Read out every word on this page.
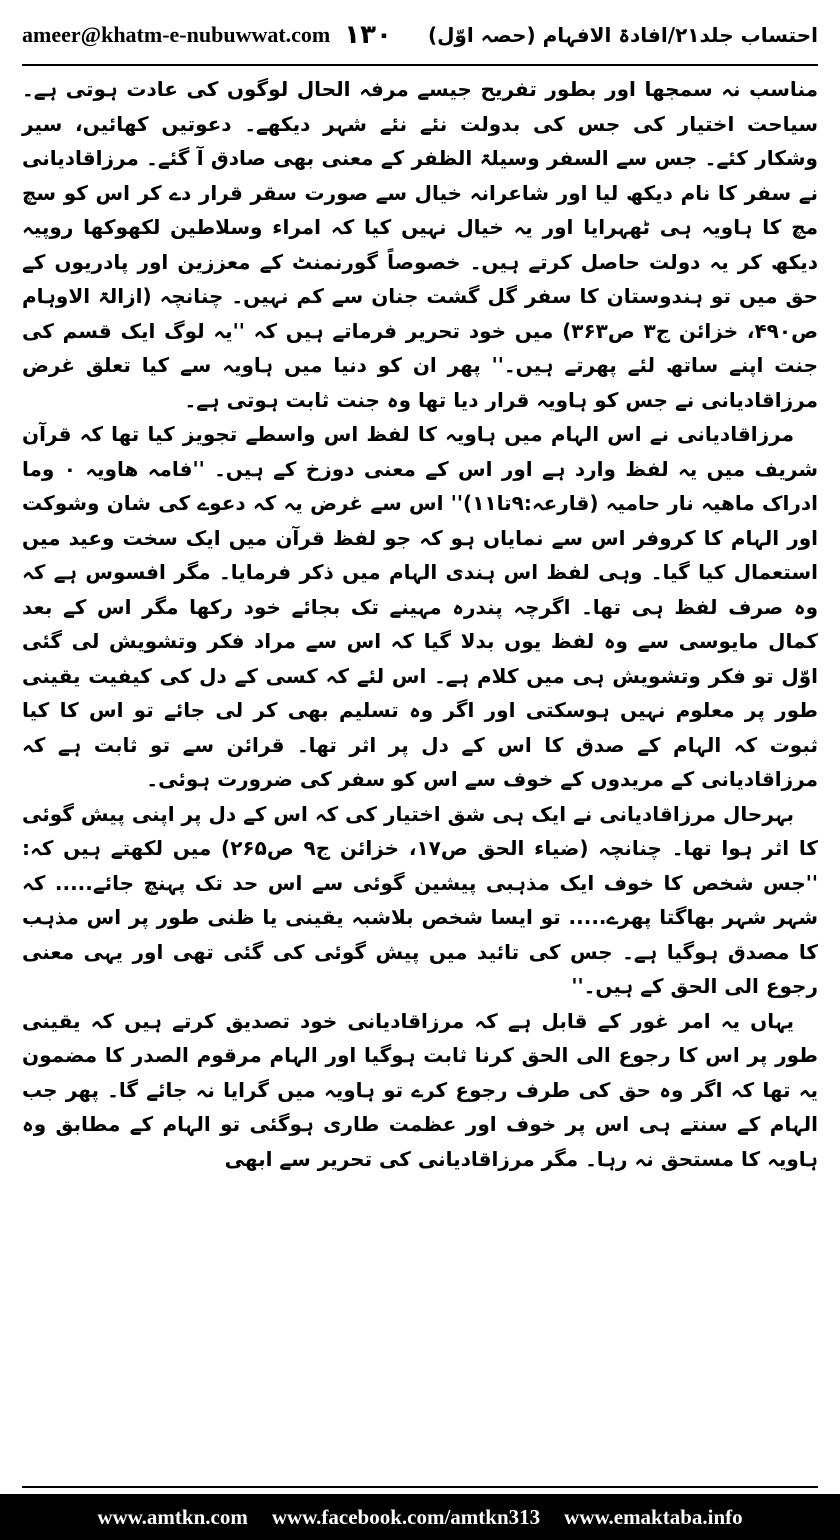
ameer@khatm-e-nubuwwat.com ۱۳۰ احتساب جلد۲۱/افادۃ الافہام (حصہ اوّل)

مناسب نہ سمجھا اور بطور تفریح جیسے مرفہ الحال لوگوں کی عادت ہوتی ہے۔ سیاحت اختیار کی جس کی بدولت نئے نئے شہر دیکھے۔ دعوتیں کھائیں، سیر وشکار کئے۔ جس سے السفر وسیلۃ الظفر کے معنی بھی صادق آ گئے۔ مرزاقادیانی نے سفر کا نام دیکھ لیا اور شاعرانہ خیال سے صورت سقر قرار دے کر اس کو سچ مچ کا ہاویہ ہی ٹھہرایا اور یہ خیال نہیں کیا کہ امراء وسلاطین لکھوکھا روپیہ دیکھ کر یہ دولت حاصل کرتے ہیں۔ خصوصاً گورنمنٹ کے معززین اور پادریوں کے حق میں تو ہندوستان کا سفر گل گشت جنان سے کم نہیں۔ چنانچہ (ازالۃ الاوہام ص۴۹۰، خزائن ج۳ ص۳۶۳) میں خود تحریر فرماتے ہیں کہ ''یہ لوگ ایک قسم کی جنت اپنے ساتھ لئے پھرتے ہیں۔'' پھر ان کو دنیا میں ہاویہ سے کیا تعلق غرض مرزاقادیانی نے جس کو ہاویہ قرار دیا تھا وہ جنت ثابت ہوتی ہے۔

مرزاقادیانی نے اس الہام میں ہاویہ کا لفظ اس واسطے تجویز کیا تھا کہ قرآن شریف میں یہ لفظ وارد ہے اور اس کے معنی دوزخ کے ہیں۔ ''فامہ ھاویہ ۰ وما ادراک ماھیہ نار حامیہ (قارعہ:۹تا۱۱)'' اس سے غرض یہ کہ دعوے کی شان وشوکت اور الہام کا کروفر اس سے نمایاں ہو کہ جو لفظ قرآن میں ایک سخت وعید میں استعمال کیا گیا۔ وہی لفظ اس ہندی الہام میں ذکر فرمایا۔ مگر افسوس ہے کہ وہ صرف لفظ ہی تھا۔ اگرچہ پندرہ مہینے تک بجائے خود رکھا مگر اس کے بعد کمال مایوسی سے وہ لفظ یوں بدلا گیا کہ اس سے مراد فکر وتشویش لی گئی اوّل تو فکر وتشویش ہی میں کلام ہے۔ اس لئے کہ کسی کے دل کی کیفیت یقینی طور پر معلوم نہیں ہوسکتی اور اگر وہ تسلیم بھی کر لی جائے تو اس کا کیا ثبوت کہ الہام کے صدق کا اس کے دل پر اثر تھا۔ قرائن سے تو ثابت ہے کہ مرزاقادیانی کے مریدوں کے خوف سے اس کو سفر کی ضرورت ہوئی۔

بہرحال مرزاقادیانی نے ایک ہی شق اختیار کی کہ اس کے دل پر اپنی پیش گوئی کا اثر ہوا تھا۔ چنانچہ (ضیاء الحق ص۱۷، خزائن ج۹ ص۲۶۵) میں لکھتے ہیں کہ: ''جس شخص کا خوف ایک مذہبی پیشین گوئی سے اس حد تک پہنچ جائے..... کہ شہر شہر بھاگتا پھرے..... تو ایسا شخص بلاشبہ یقینی یا ظنی طور پر اس مذہب کا مصدق ہوگیا ہے۔ جس کی تائید میں پیش گوئی کی گئی تھی اور یہی معنی رجوع الی الحق کے ہیں۔''

یہاں یہ امر غور کے قابل ہے کہ مرزاقادیانی خود تصدیق کرتے ہیں کہ یقینی طور پر اس کا رجوع الی الحق کرنا ثابت ہوگیا اور الہام مرقوم الصدر کا مضمون یہ تھا کہ اگر وہ حق کی طرف رجوع کرے تو ہاویہ میں گرایا نہ جائے گا۔ پھر جب الہام کے سنتے ہی اس پر خوف اور عظمت طاری ہوگئی تو الہام کے مطابق وہ ہاویہ کا مستحق نہ رہا۔ مگر مرزاقادیانی کی تحریر سے ابھی

www.amtkn.com www.facebook.com/amtkn313 www.emaktaba.info
